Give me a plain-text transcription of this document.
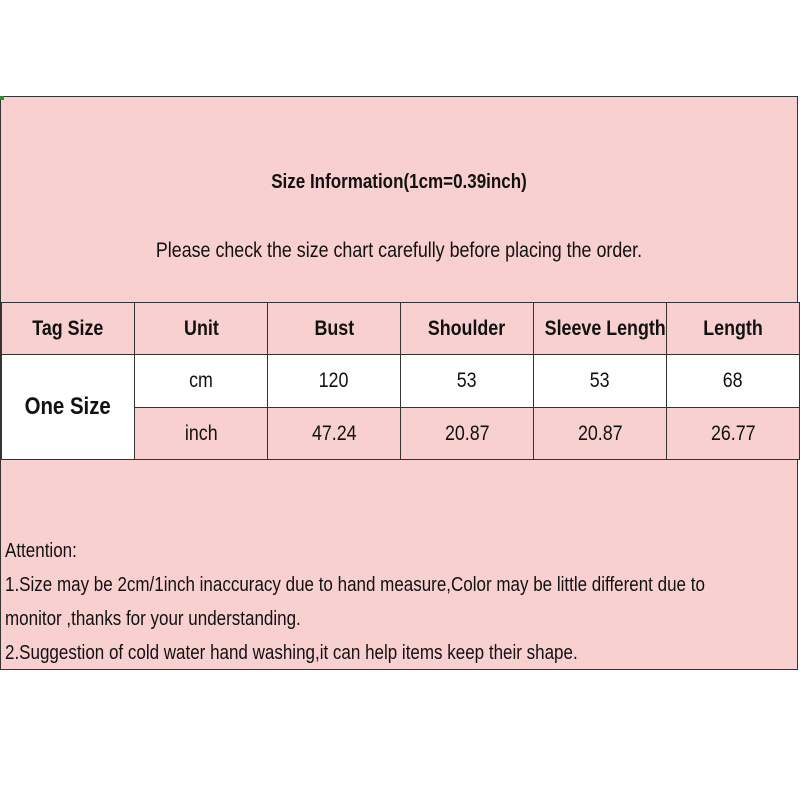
Size Information(1cm=0.39inch)
Please check the size chart carefully before placing the order.
Tag Size	Unit	Bust	Shoulder	Sleeve Length	Length
One Size	cm	120	53	53	68
	inch	47.24	20.87	20.87	26.77
Attention:
1.Size may be 2cm/1inch inaccuracy due to hand measure,Color may be little different due to
monitor ,thanks for your understanding.
2.Suggestion of cold water hand washing,it can help items keep their shape.
